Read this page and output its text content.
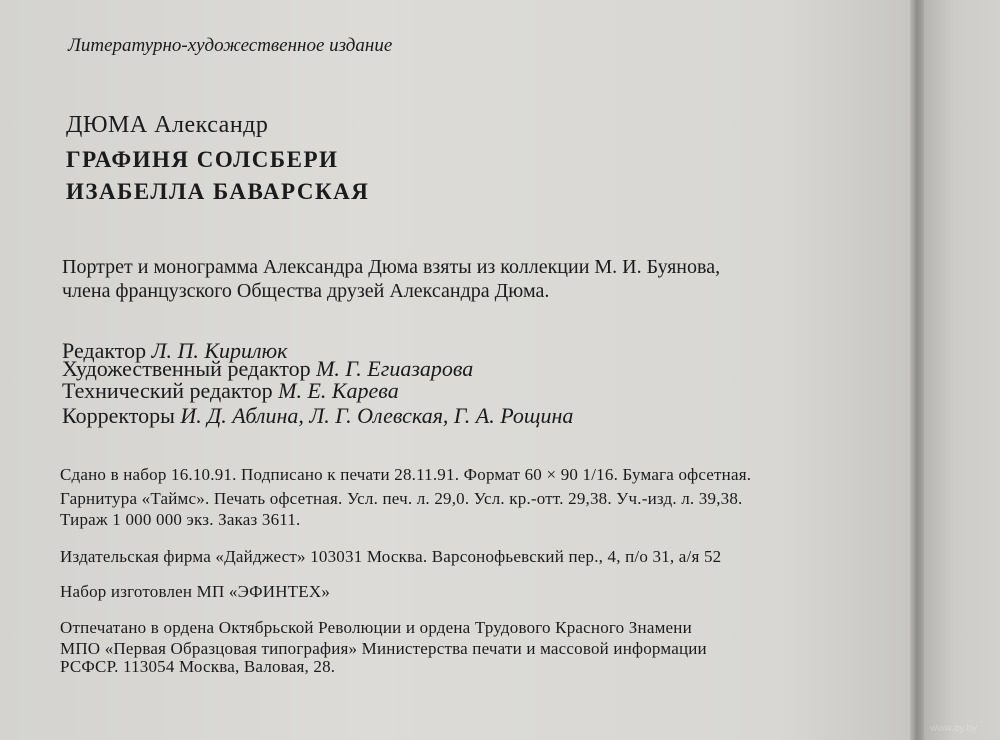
Литературно-художественное издание
ДЮМА Александр
ГРАФИНЯ СОЛСБЕРИ
ИЗАБЕЛЛА БАВАРСКАЯ
Портрет и монограмма Александра Дюма взяты из коллекции М. И. Буянова,
члена французского Общества друзей Александра Дюма.
Редактор Л. П. Кирилюк
Художественный редактор М. Г. Егиазарова
Технический редактор М. Е. Карева
Корректоры И. Д. Аблина, Л. Г. Олевская, Г. А. Рощина
Сдано в набор 16.10.91. Подписано к печати 28.11.91. Формат 60 × 90 1/16. Бумага офсетная.
Гарнитура «Таймс». Печать офсетная. Усл. печ. л. 29,0. Усл. кр.-отт. 29,38. Уч.-изд. л. 39,38.
Тираж 1 000 000 экз. Заказ 3611.
Издательская фирма «Дайджест» 103031 Москва. Варсонофьевский пер., 4, п/о 31, а/я 52
Набор изготовлен МП «ЭФИНТЕХ»
Отпечатано в ордена Октябрьской Революции и ордена Трудового Красного Знамени
МПО «Первая Образцовая типография» Министерства печати и массовой информации
РСФСР. 113054 Москва, Валовая, 28.
www.ay.by
